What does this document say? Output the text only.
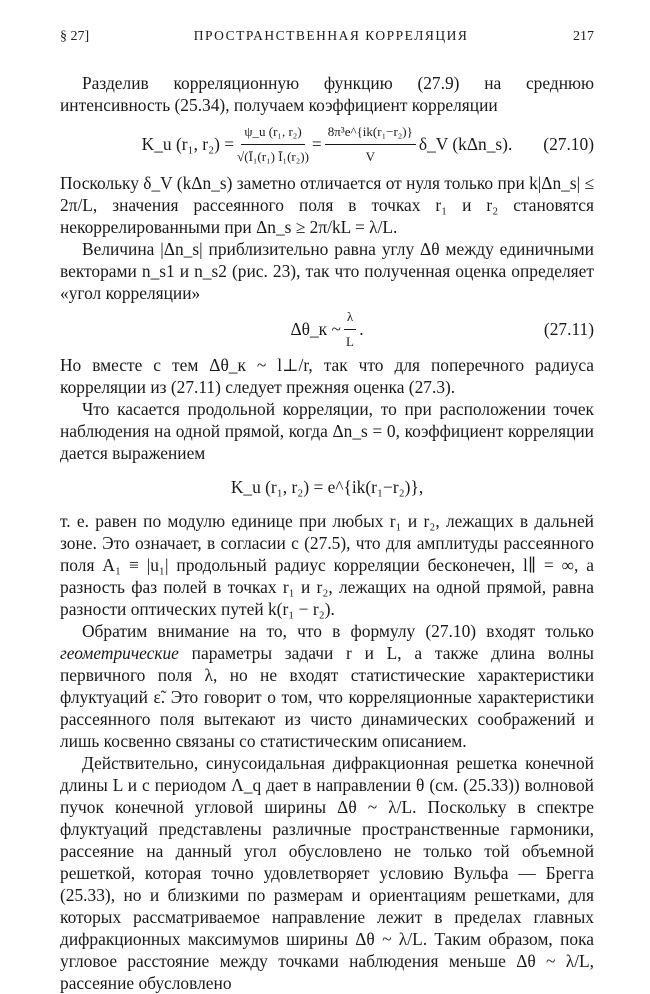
§ 27]	ПРОСТРАНСТВЕННАЯ КОРРЕЛЯЦИЯ	217

Разделив корреляционную функцию (27.9) на среднюю интенсивность (25.34), получаем коэффициент корреляции

K_u (r₁, $r_2) = \frac{\text{ψ\_u (r₁, r₂)}}{\text{√(Ī₁(r₁) Ī₁(r₂))}} = \frac{\text{8π³e\textasciicircum{}\{ik(r₁−r₂)\}}}{V}$ δ_V (kΔn_s). (27.10)

Поскольку δ_V (kΔn_s) заметно отличается от нуля только при k|Δn_s| ≤ 2π/L, значения рассеянного поля в точках r₁ и r₂ становятся некоррелированными при Δn_s ≥ 2π/kL = λ/L.

Величина |Δn_s| приблизительно равна углу Δθ между единичными векторами n_s1 и n_s2 (рис. 23), так что полученная оценка определяет «угол корреляции»

Δθ_к ~ $\frac{\lambda}{L}$ .	(27.11)

Но вместе с тем Δθ_к ~ l⊥/r, так что для поперечного радиуса корреляции из (27.11) следует прежняя оценка (27.3).

Что касается продольной корреляции, то при расположении точек наблюдения на одной прямой, когда Δn_s = 0, коэффициент корреляции дается выражением

K_u (r₁, r₂) = e^{ik(r₁−r₂)},

т. е. равен по модулю единице при любых r₁ и r₂, лежащих в дальней зоне. Это означает, в согласии с (27.5), что для амплитуды рассеянного поля A₁ ≡ |u₁| продольный радиус корреляции бесконечен, l∥ = ∞, а разность фаз полей в точках r₁ и r₂, лежащих на одной прямой, равна разности оптических путей k(r₁ − r₂).

Обратим внимание на то, что в формулу (27.10) входят только геометрические параметры задачи r и L, а также длина волны первичного поля λ, но не входят статистические характеристики флуктуаций ε̃. Это говорит о том, что корреляционные характеристики рассеянного поля вытекают из чисто динамических соображений и лишь косвенно связаны со статистическим описанием.

Действительно, синусоидальная дифракционная решетка конечной длины L и с периодом Λ_q дает в направлении θ (см. (25.33)) волновой пучок конечной угловой ширины Δθ ~ λ/L. Поскольку в спектре флуктуаций представлены различные пространственные гармоники, рассеяние на данный угол обусловлено не только той объемной решеткой, которая точно удовлетворяет условию Вульфа — Брегга (25.33), но и близкими по размерам и ориентациям решетками, для которых рассматриваемое направление лежит в пределах главных дифракционных максимумов ширины Δθ ~ λ/L. Таким образом, пока угловое расстояние между точками наблюдения меньше Δθ ~ λ/L, рассеяние обусловлено
